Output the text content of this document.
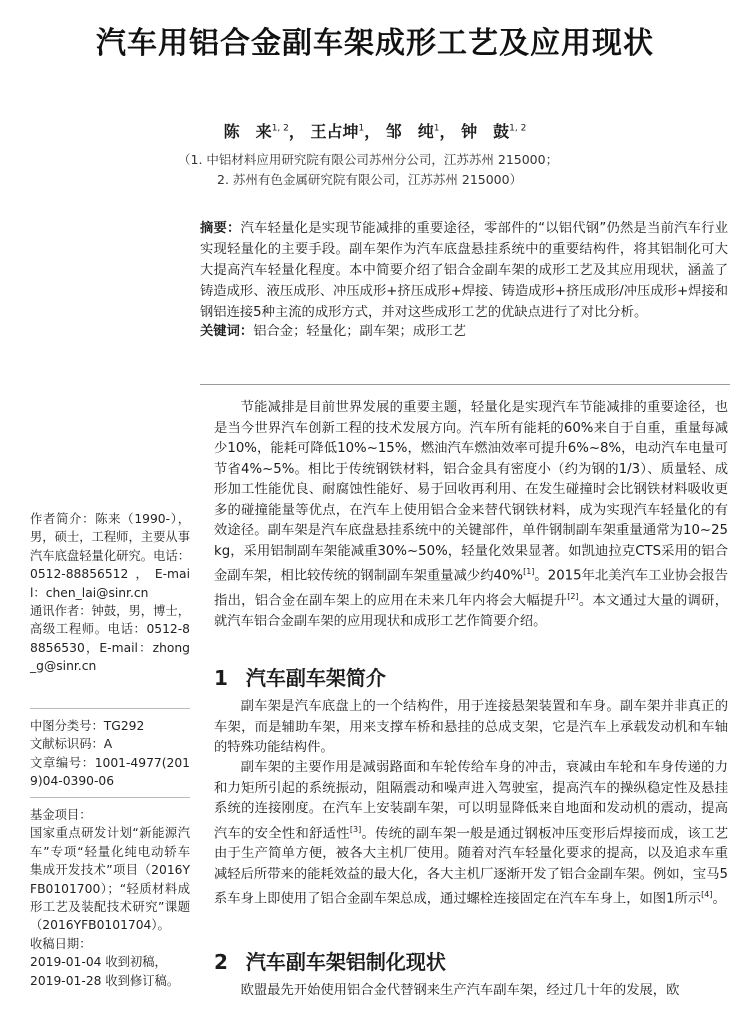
汽车用铝合金副车架成形工艺及应用现状
陈　来$^{1, 2}$， 王占坤$^1$， 邹　纯$^1$， 钟　鼓$^{1, 2}$
（1. 中铝材料应用研究院有限公司苏州分公司，江苏苏州 215000；
2. 苏州有色金属研究院有限公司，江苏苏州 215000）
摘要：汽车轻量化是实现节能减排的重要途径，零部件的“以铝代钢”仍然是当前汽车行业实现轻量化的主要手段。副车架作为汽车底盘悬挂系统中的重要结构件，将其铝制化可大大提高汽车轻量化程度。本中简要介绍了铝合金副车架的成形工艺及其应用现状，涵盖了铸造成形、液压成形、冲压成形+挤压成形+焊接、铸造成形+挤压成形/冲压成形+焊接和钢铝连接5种主流的成形方式，并对这些成形工艺的优缺点进行了对比分析。
关键词：铝合金；轻量化；副车架；成形工艺
节能减排是目前世界发展的重要主题，轻量化是实现汽车节能减排的重要途径，也是当今世界汽车创新工程的技术发展方向。汽车所有能耗的60%来自于自重，重量每减少10%，能耗可降低10%~15%，燃油汽车燃油效率可提升6%~8%，电动汽车电量可节省4%~5%。相比于传统钢铁材料，铝合金具有密度小（约为钢的1/3）、质量轻、成形加工性能优良、耐腐蚀性能好、易于回收再利用、在发生碰撞时会比钢铁材料吸收更多的碰撞能量等优点，在汽车上使用铝合金来替代钢铁材料，成为实现汽车轻量化的有效途径。副车架是汽车底盘悬挂系统中的关键部件，单件钢制副车架重量通常为10~25 kg，采用铝制副车架能减重30%~50%，轻量化效果显著。如凯迪拉克CTS采用的铝合金副车架，相比较传统的钢制副车架重量减少约40%[1]。2015年北美汽车工业协会报告指出，铝合金在副车架上的应用在未来几年内将会大幅提升[2]。本文通过大量的调研，就汽车铝合金副车架的应用现状和成形工艺作简要介绍。
1 汽车副车架简介
副车架是汽车底盘上的一个结构件，用于连接悬架装置和车身。副车架并非真正的车架，而是辅助车架，用来支撑车桥和悬挂的总成支架，它是汽车上承载发动机和车轴的特殊功能结构件。
副车架的主要作用是减弱路面和车轮传给车身的冲击，衰减由车轮和车身传递的力和力矩所引起的系统振动，阻隔震动和噪声进入驾驶室，提高汽车的操纵稳定性及悬挂系统的连接刚度。在汽车上安装副车架，可以明显降低来自地面和发动机的震动，提高汽车的安全性和舒适性[3]。传统的副车架一般是通过钢板冲压变形后焊接而成，该工艺由于生产简单方便，被各大主机厂使用。随着对汽车轻量化要求的提高，以及追求车重减轻后所带来的能耗效益的最大化，各大主机厂逐渐开发了铝合金副车架。例如，宝马5系车身上即使用了铝合金副车架总成，通过螺栓连接固定在汽车车身上，如图1所示[4]。
2 汽车副车架铝制化现状
欧盟最先开始使用铝合金代替钢来生产汽车副车架，经过几十年的发展，欧
作者简介：陈来（1990-），男，硕士，工程师，主要从事汽车底盘轻量化研究。电话：0512-88856512，E-mail：chen_lai@sinr.cn
通讯作者：钟鼓，男，博士，高级工程师。电话：0512-88856530，E-mail：zhong_g@sinr.cn
中图分类号：TG292
文献标识码：A
文章编号：1001-4977(2019)04-0390-06
基金项目：
国家重点研发计划“新能源汽车”专项“轻量化纯电动轿车集成开发技术”项目（2016YFB0101700）；“轻质材料成形工艺及装配技术研究”课题（2016YFB0101704）。
收稿日期：
2019-01-04 收到初稿，
2019-01-28 收到修订稿。
